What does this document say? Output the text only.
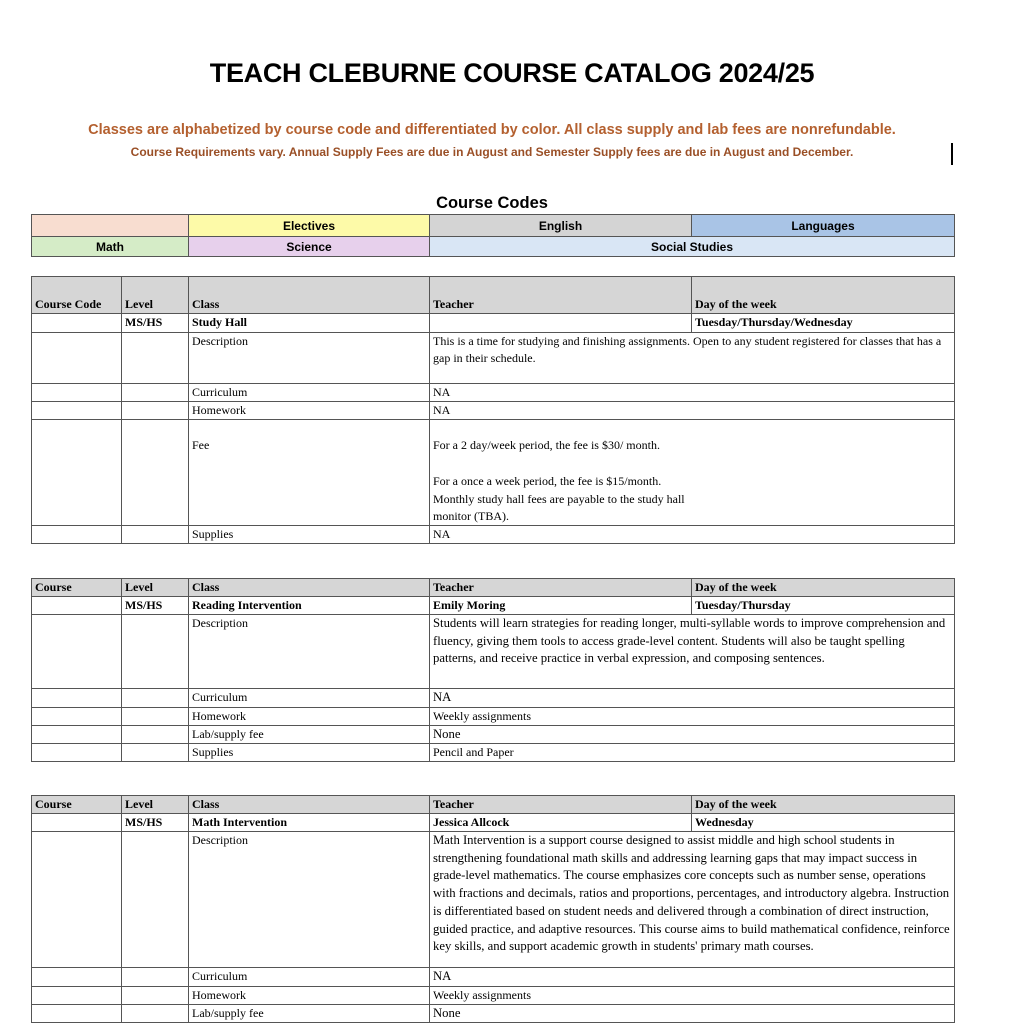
TEACH CLEBURNE COURSE CATALOG 2024/25
Classes are alphabetized by course code and differentiated by color. All class supply and lab fees are nonrefundable.
Course Requirements vary. Annual Supply Fees are due in August and Semester Supply fees are due in August and December.
Course Codes
	Electives	English	Languages
Math	Science	Social Studies	
Course Code	Level	Class	Teacher	Day of the week
	MS/HS	Study Hall		Tuesday/Thursday/Wednesday
		Description	This is a time for studying and finishing assignments. Open to any student registered for classes that has a gap in their schedule.	
		Curriculum	NA	
		Homework	NA	
		Fee	For a 2 day/week period, the fee is $30/ month.
For a once a week period, the fee is $15/month.
Monthly study hall fees are payable to the study hall monitor (TBA).	

		Supplies	NA	
Course	Level	Class	Teacher	Day of the week
	MS/HS	Reading Intervention	Emily Moring	Tuesday/Thursday
		Description	Students will learn strategies for reading longer, multi-syllable words to improve comprehension and fluency, giving them tools to access grade-level content. Students will also be taught spelling patterns, and receive practice in verbal expression, and composing sentences.	
		Curriculum	NA	
		Homework	Weekly assignments	
		Lab/supply fee	None	
		Supplies	Pencil and Paper	
Course	Level	Class	Teacher	Day of the week
	MS/HS	Math Intervention	Jessica Allcock	Wednesday
		Description	Math Intervention is a support course designed to assist middle and high school students in strengthening foundational math skills and addressing learning gaps that may impact success in grade-level mathematics. The course emphasizes core concepts such as number sense, operations with fractions and decimals, ratios and proportions, percentages, and introductory algebra. Instruction is differentiated based on student needs and delivered through a combination of direct instruction, guided practice, and adaptive resources. This course aims to build mathematical confidence, reinforce key skills, and support academic growth in students' primary math courses.	

		Curriculum	NA	
		Homework	Weekly assignments	
		Lab/supply fee	None	
